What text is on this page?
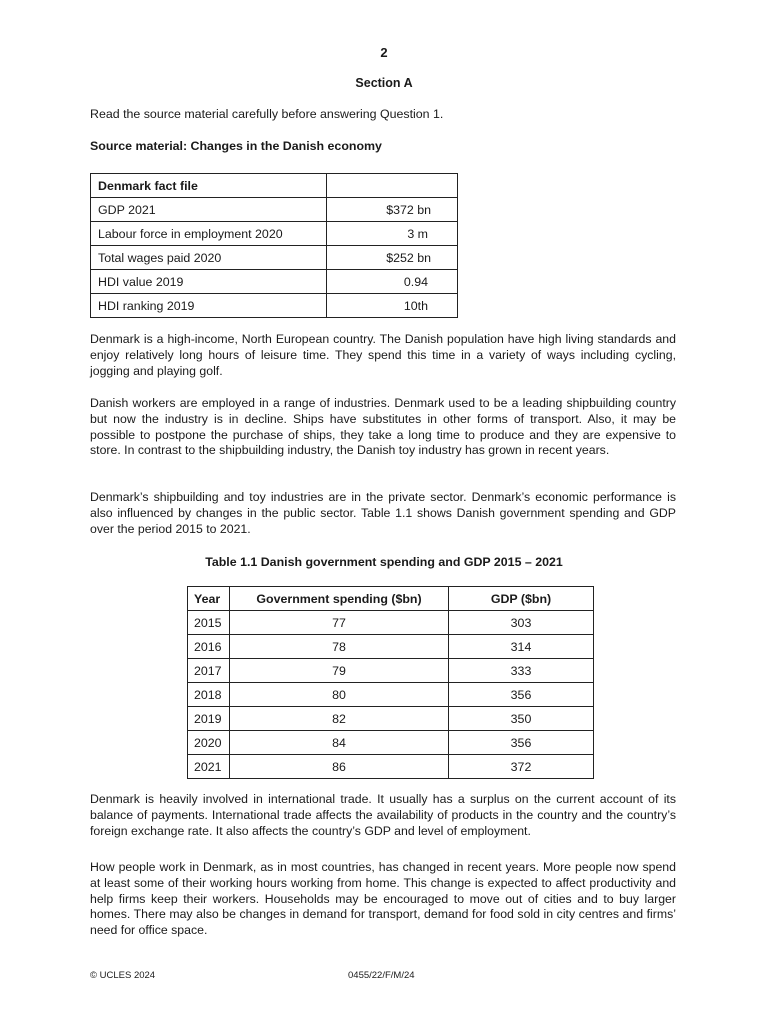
2
Section A
Read the source material carefully before answering Question 1.
Source material: Changes in the Danish economy
Denmark fact file	
GDP 2021	$372 bn
Labour force in employment 2020	3 m
Total wages paid 2020	$252 bn
HDI value 2019	0.94
HDI ranking 2019	10th
Denmark is a high-income, North European country. The Danish population have high living standards and enjoy relatively long hours of leisure time. They spend this time in a variety of ways including cycling, jogging and playing golf.
Danish workers are employed in a range of industries. Denmark used to be a leading shipbuilding country but now the industry is in decline. Ships have substitutes in other forms of transport. Also, it may be possible to postpone the purchase of ships, they take a long time to produce and they are expensive to store. In contrast to the shipbuilding industry, the Danish toy industry has grown in recent years.
Denmark’s shipbuilding and toy industries are in the private sector. Denmark’s economic performance is also influenced by changes in the public sector. Table 1.1 shows Danish government spending and GDP over the period 2015 to 2021.
Table 1.1 Danish government spending and GDP 2015 – 2021
Year	Government spending ($bn)	GDP ($bn)
2015	77	303
2016	78	314
2017	79	333
2018	80	356
2019	82	350
2020	84	356
2021	86	372
Denmark is heavily involved in international trade. It usually has a surplus on the current account of its balance of payments. International trade affects the availability of products in the country and the country’s foreign exchange rate. It also affects the country’s GDP and level of employment.
How people work in Denmark, as in most countries, has changed in recent years. More people now spend at least some of their working hours working from home. This change is expected to affect productivity and help firms keep their workers. Households may be encouraged to move out of cities and to buy larger homes. There may also be changes in demand for transport, demand for food sold in city centres and firms’ need for office space.
© UCLES 2024	0455/22/F/M/24
